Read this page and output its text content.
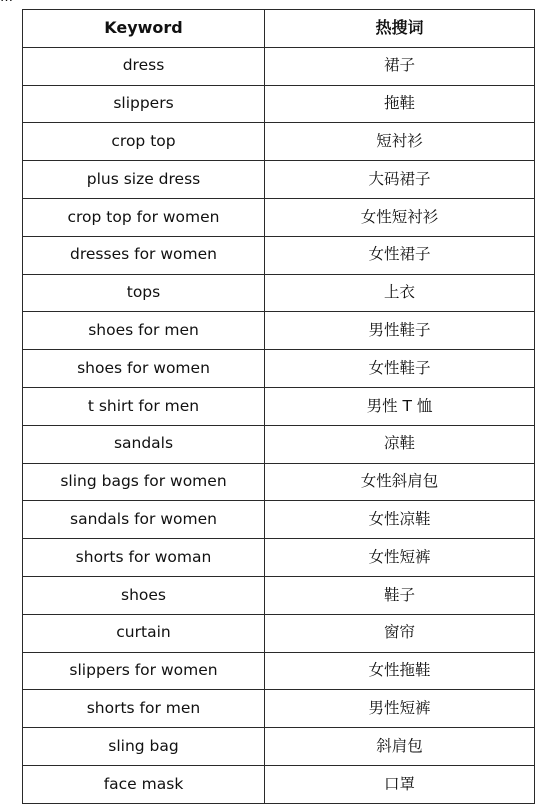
Keyword	热搜词
dress	裙子
slippers	拖鞋
crop top	短衬衫
plus size dress	大码裙子
crop top for women	女性短衬衫
dresses for women	女性裙子
tops	上衣
shoes for men	男性鞋子
shoes for women	女性鞋子
t shirt for men	男性 T 恤
sandals	凉鞋
sling bags for women	女性斜肩包
sandals for women	女性凉鞋
shorts for woman	女性短裤
shoes	鞋子
curtain	窗帘
slippers for women	女性拖鞋
shorts for men	男性短裤
sling bag	斜肩包
face mask	口罩
